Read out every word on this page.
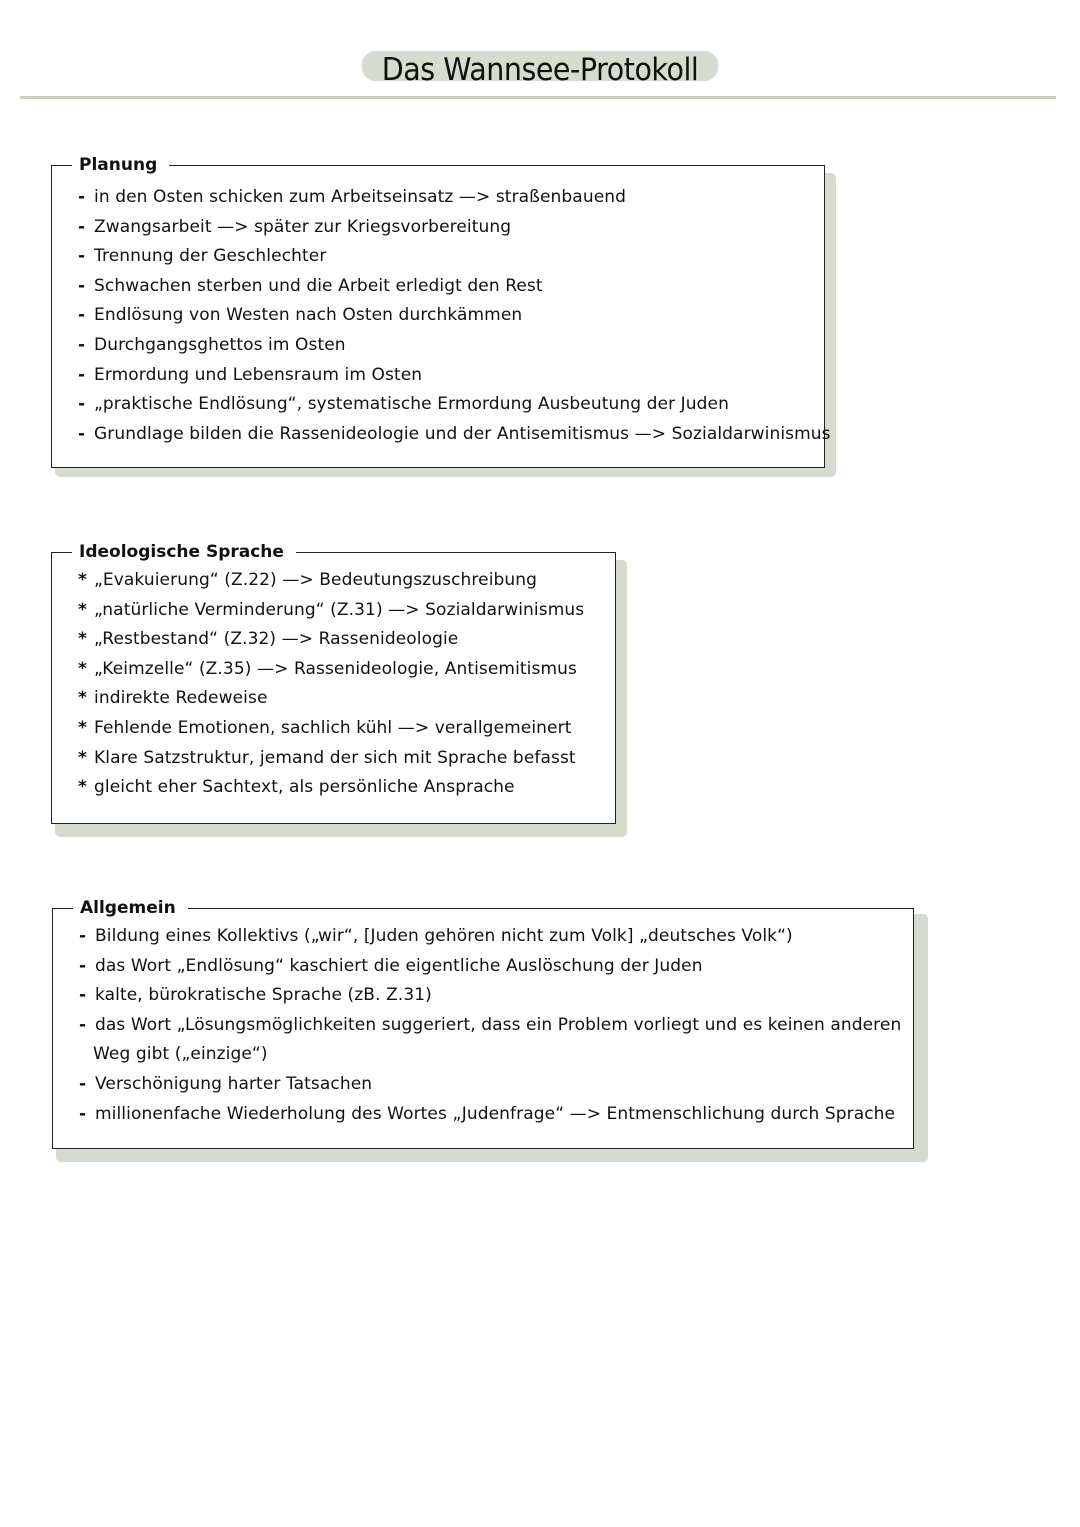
Das Wannsee-Protokoll
Planung
- in den Osten schicken zum Arbeitseinsatz —> straßenbauend
- Zwangsarbeit —> später zur Kriegsvorbereitung
- Trennung der Geschlechter
- Schwachen sterben und die Arbeit erledigt den Rest
- Endlösung von Westen nach Osten durchkämmen
- Durchgangsghettos im Osten
- Ermordung und Lebensraum im Osten
- „praktische Endlösung“, systematische Ermordung Ausbeutung der Juden
- Grundlage bilden die Rassenideologie und der Antisemitismus —> Sozialdarwinismus
Ideologische Sprache
* „Evakuierung“ (Z.22) —> Bedeutungszuschreibung
* „natürliche Verminderung“ (Z.31) —> Sozialdarwinismus
* „Restbestand“ (Z.32) —> Rassenideologie
* „Keimzelle“ (Z.35) —> Rassenideologie, Antisemitismus
* indirekte Redeweise
* Fehlende Emotionen, sachlich kühl —> verallgemeinert
* Klare Satzstruktur, jemand der sich mit Sprache befasst
* gleicht eher Sachtext, als persönliche Ansprache
Allgemein
- Bildung eines Kollektivs („wir“, [Juden gehören nicht zum Volk] „deutsches Volk“)
- das Wort „Endlösung“ kaschiert die eigentliche Auslöschung der Juden
- kalte, bürokratische Sprache (zB. Z.31)
- das Wort „Lösungsmöglichkeiten suggeriert, dass ein Problem vorliegt und es keinen anderen
Weg gibt („einzige“)
- Verschönigung harter Tatsachen
- millionenfache Wiederholung des Wortes „Judenfrage“ —> Entmenschlichung durch Sprache
